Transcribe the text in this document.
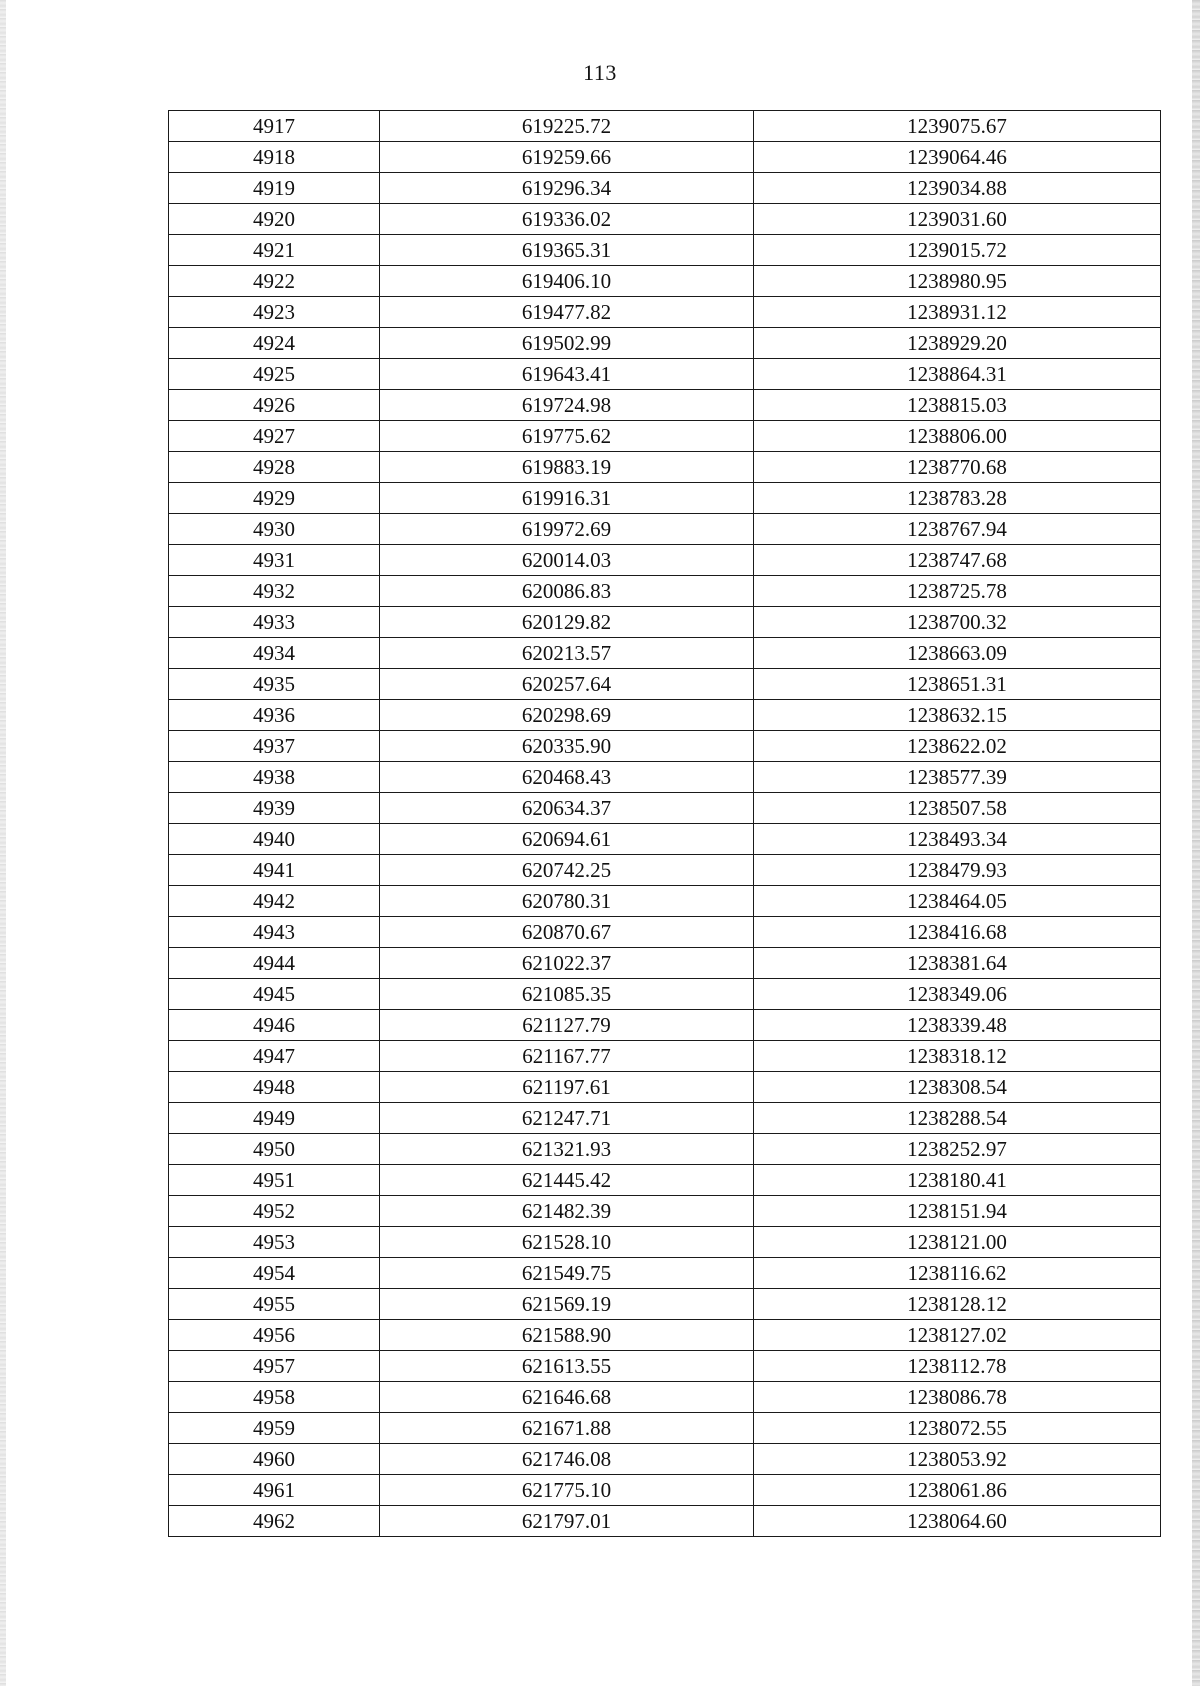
113
4917	619225.72	1239075.67
4918	619259.66	1239064.46
4919	619296.34	1239034.88
4920	619336.02	1239031.60
4921	619365.31	1239015.72
4922	619406.10	1238980.95
4923	619477.82	1238931.12
4924	619502.99	1238929.20
4925	619643.41	1238864.31
4926	619724.98	1238815.03
4927	619775.62	1238806.00
4928	619883.19	1238770.68
4929	619916.31	1238783.28
4930	619972.69	1238767.94
4931	620014.03	1238747.68
4932	620086.83	1238725.78
4933	620129.82	1238700.32
4934	620213.57	1238663.09
4935	620257.64	1238651.31
4936	620298.69	1238632.15
4937	620335.90	1238622.02
4938	620468.43	1238577.39
4939	620634.37	1238507.58
4940	620694.61	1238493.34
4941	620742.25	1238479.93
4942	620780.31	1238464.05
4943	620870.67	1238416.68
4944	621022.37	1238381.64
4945	621085.35	1238349.06
4946	621127.79	1238339.48
4947	621167.77	1238318.12
4948	621197.61	1238308.54
4949	621247.71	1238288.54
4950	621321.93	1238252.97
4951	621445.42	1238180.41
4952	621482.39	1238151.94
4953	621528.10	1238121.00
4954	621549.75	1238116.62
4955	621569.19	1238128.12
4956	621588.90	1238127.02
4957	621613.55	1238112.78
4958	621646.68	1238086.78
4959	621671.88	1238072.55
4960	621746.08	1238053.92
4961	621775.10	1238061.86
4962	621797.01	1238064.60
